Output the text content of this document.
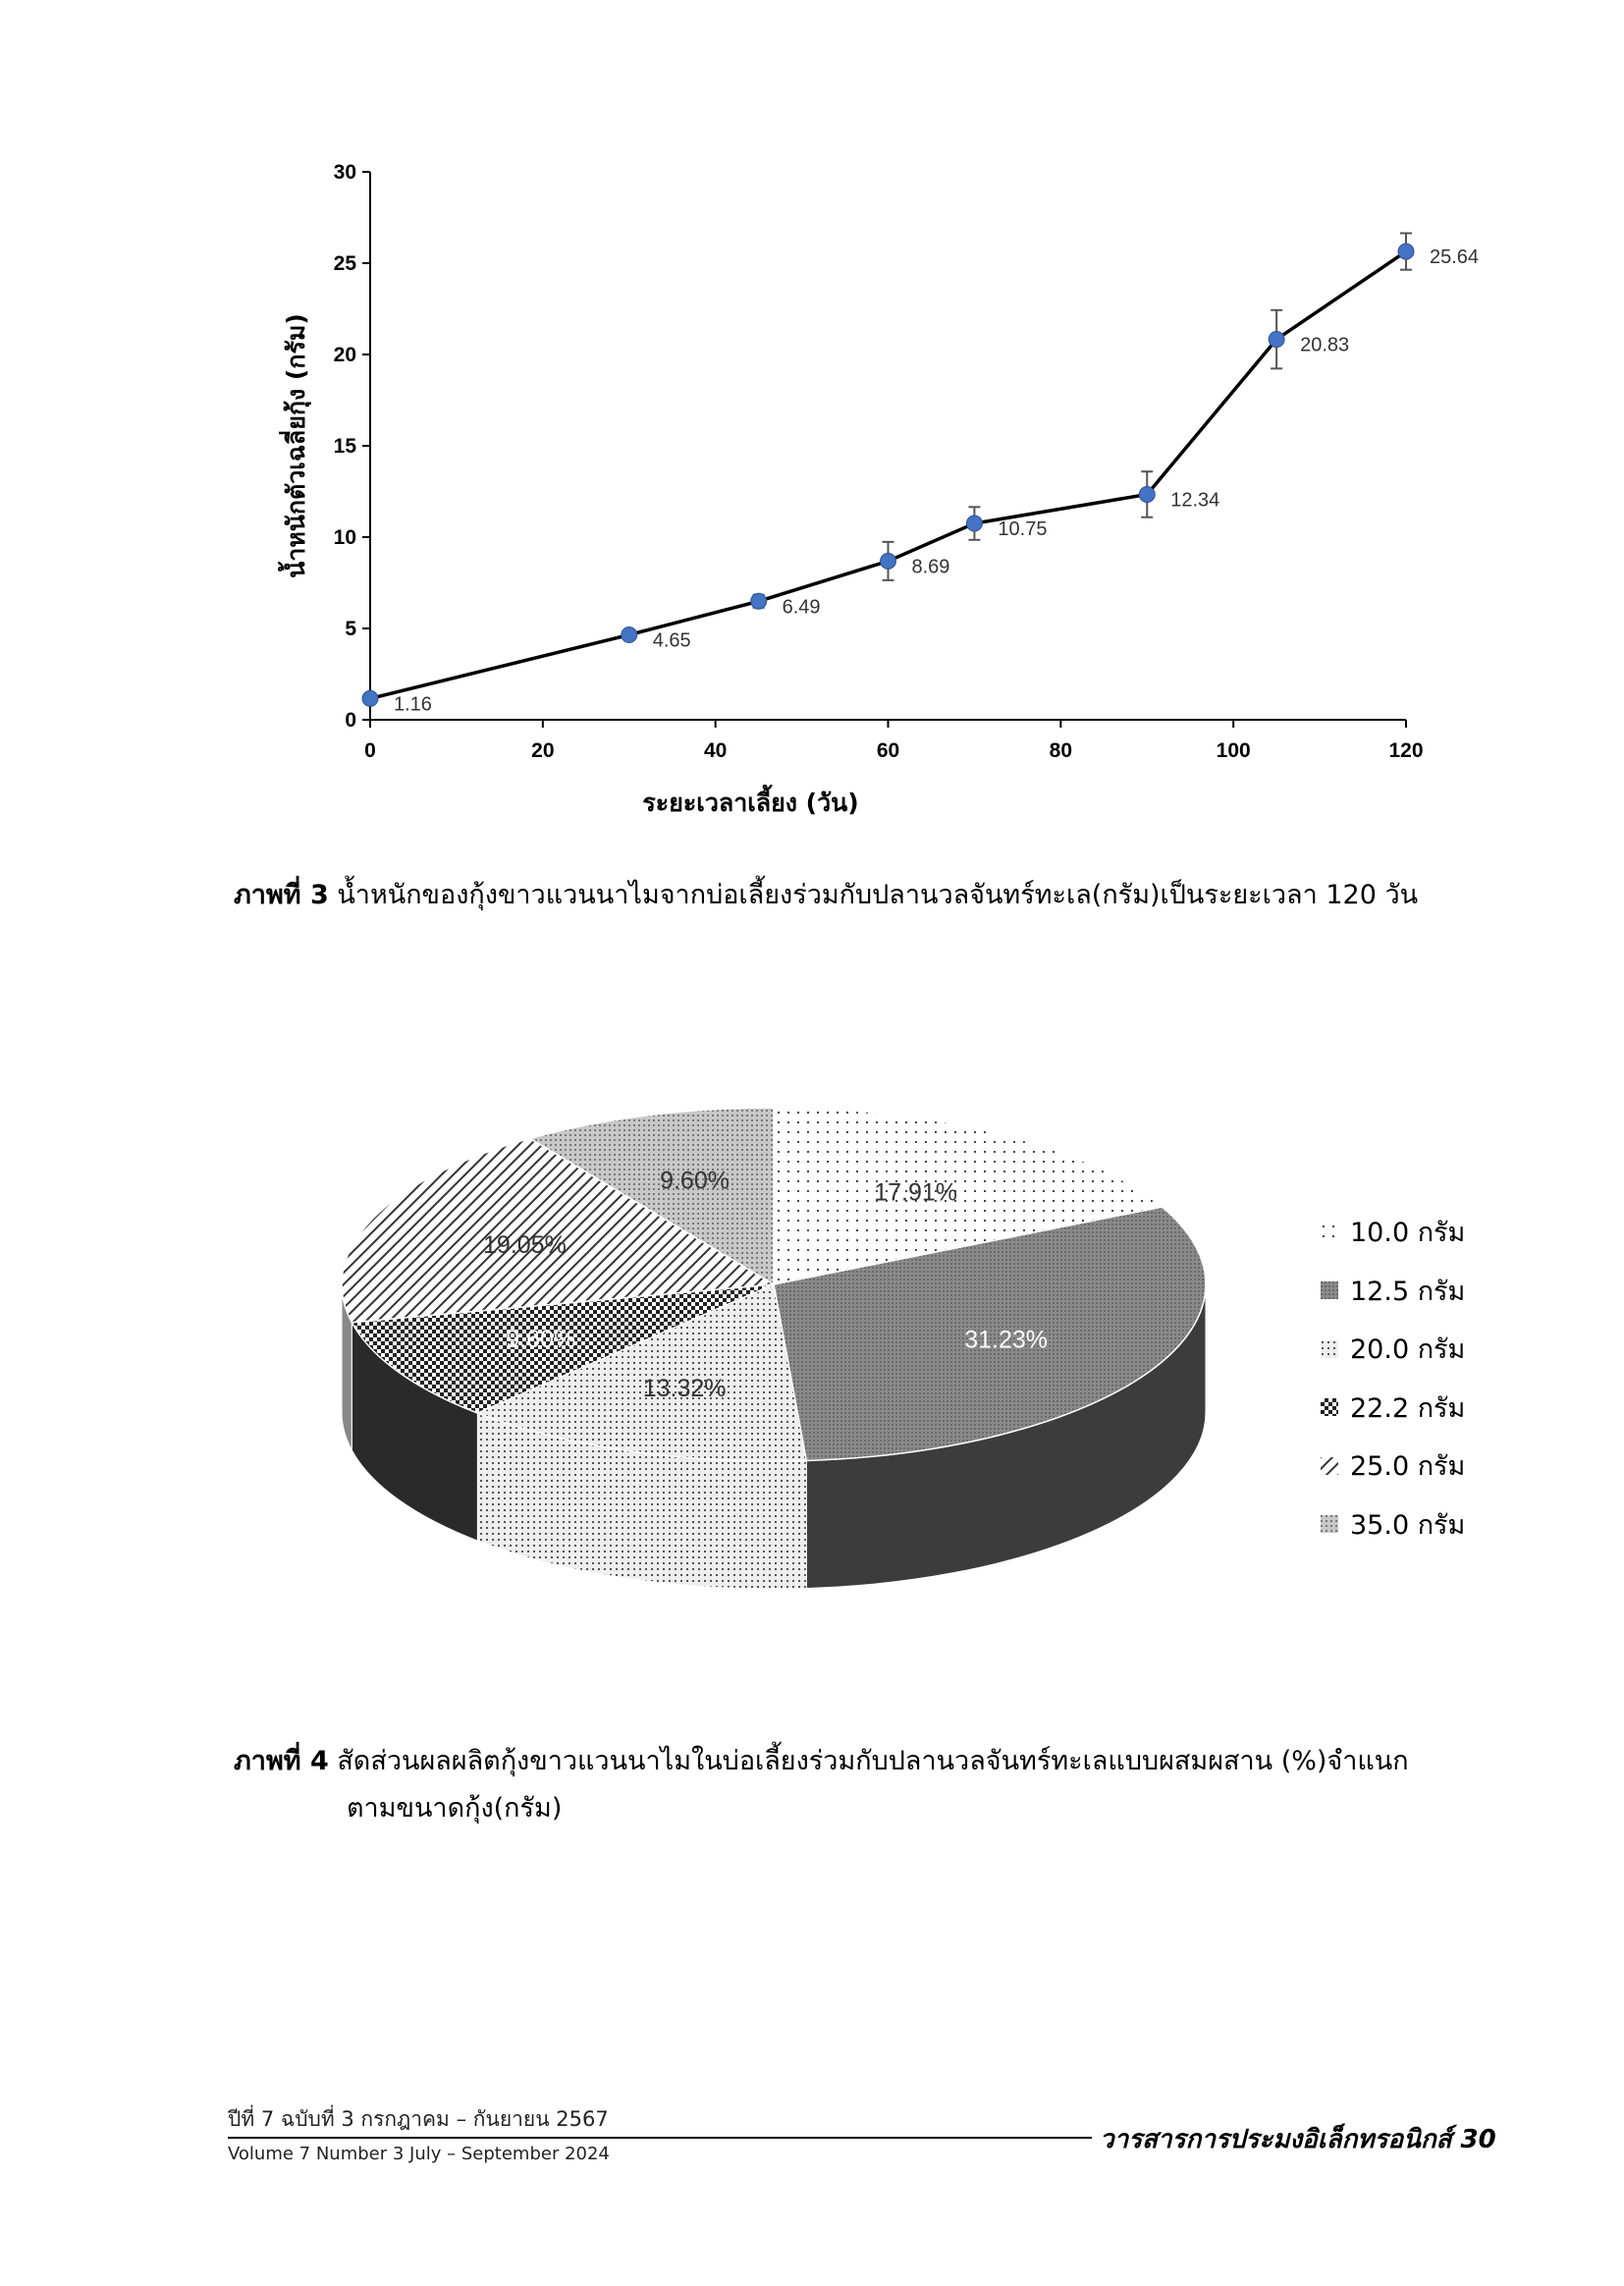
0
5
10
15
20
25
30
0	20	40	60	80	100	120
ระยะเวลาเลี้ยง (วัน)
น้ำหนักตัวเฉลี่ยกุ้ง (กรัม)
1.16
4.65
6.49
8.69
10.75
12.34
20.83
25.64
ภาพที่ 3 น้ำหนักของกุ้งขาวแวนนาไมจากบ่อเลี้ยงร่วมกับปลานวลจันทร์ทะเล(กรัม)เป็นระยะเวลา 120 วัน
17.91%
31.23%
13.32%
9.60%
19.05%
9.60%
10.0 กรัม
12.5 กรัม
20.0 กรัม
22.2 กรัม
25.0 กรัม
35.0 กรัม
ภาพที่ 4 สัดส่วนผลผลิตกุ้งขาวแวนนาไมในบ่อเลี้ยงร่วมกับปลานวลจันทร์ทะเลแบบผสมผสาน (%)จำแนก
ตามขนาดกุ้ง(กรัม)
ปีที่ 7 ฉบับที่ 3 กรกฎาคม – กันยายน 2567
Volume 7 Number 3 July – September 2024	วารสารการประมงอิเล็กทรอนิกส์ 30
